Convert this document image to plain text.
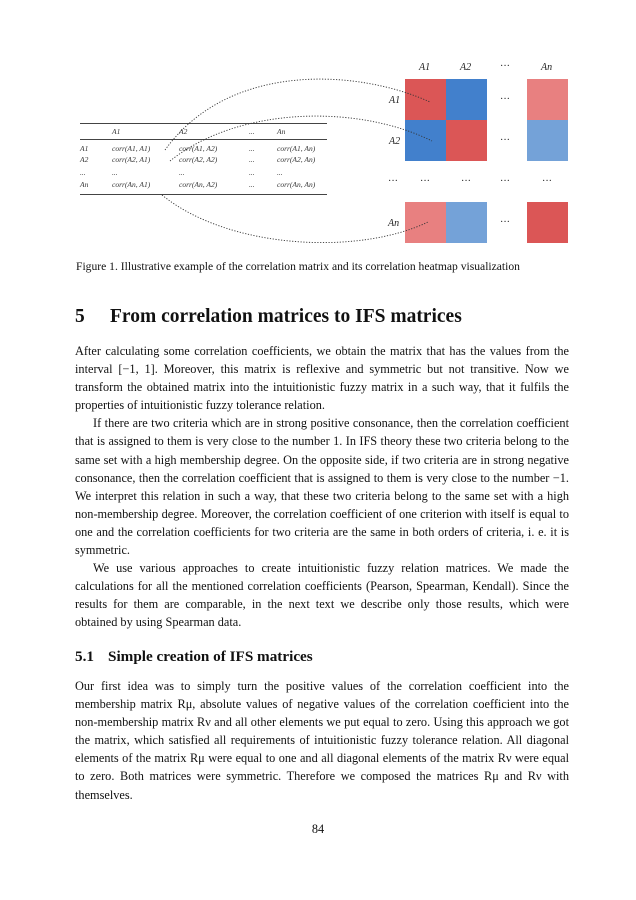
	A1	A2	...	An
A1	corr(A1, A1)	corr(A1, A2)	...	corr(A1, An)
A2	corr(A2, A1)	corr(A2, A2)	...	corr(A2, An)
...	...	...	...	...
An	corr(An, A1)	corr(An, A2)	...	corr(An, An)
A1	A2	···	An
A1
A2
An
···
···
··· ···	···	···	···
···
Figure 1. Illustrative example of the correlation matrix and its correlation heatmap visualization
5 From correlation matrices to IFS matrices

After calculating some correlation coefficients, we obtain the matrix that has the values from the interval [−1, 1]. Moreover, this matrix is reflexive and symmetric but not transitive. Now we transform the obtained matrix into the intuitionistic fuzzy matrix in a such way, that it fulfils the properties of intuitionistic fuzzy tolerance relation.

If there are two criteria which are in strong positive consonance, then the correlation coefficient that is assigned to them is very close to the number 1. In IFS theory these two criteria belong to the same set with a high membership degree. On the opposite side, if two criteria are in strong negative consonance, then the correlation coefficient that is assigned to them is very close to the number −1. We interpret this relation in such a way, that these two criteria belong to the same set with a high non-membership degree. Moreover, the correlation coefficient of one criterion with itself is equal to one and the correlation coefficients for two criteria are the same in both orders of criteria, i. e. it is symmetric.

We use various approaches to create intuitionistic fuzzy relation matrices. We made the calculations for all the mentioned correlation coefficients (Pearson, Spearman, Kendall). Since the results for them are comparable, in the next text we describe only those results, which were obtained by using Spearman data.

5.1 Simple creation of IFS matrices

Our first idea was to simply turn the positive values of the correlation coefficient into the membership matrix Rμ, absolute values of negative values of the correlation coefficient into the non-membership matrix Rν and all other elements we put equal to zero. Using this approach we got the matrix, which satisfied all requirements of intuitionistic fuzzy tolerance relation. All diagonal elements of the matrix Rμ were equal to one and all diagonal elements of the matrix Rν were equal to zero. Both matrices were symmetric. Therefore we composed the matrices Rμ and Rν with themselves.

84
